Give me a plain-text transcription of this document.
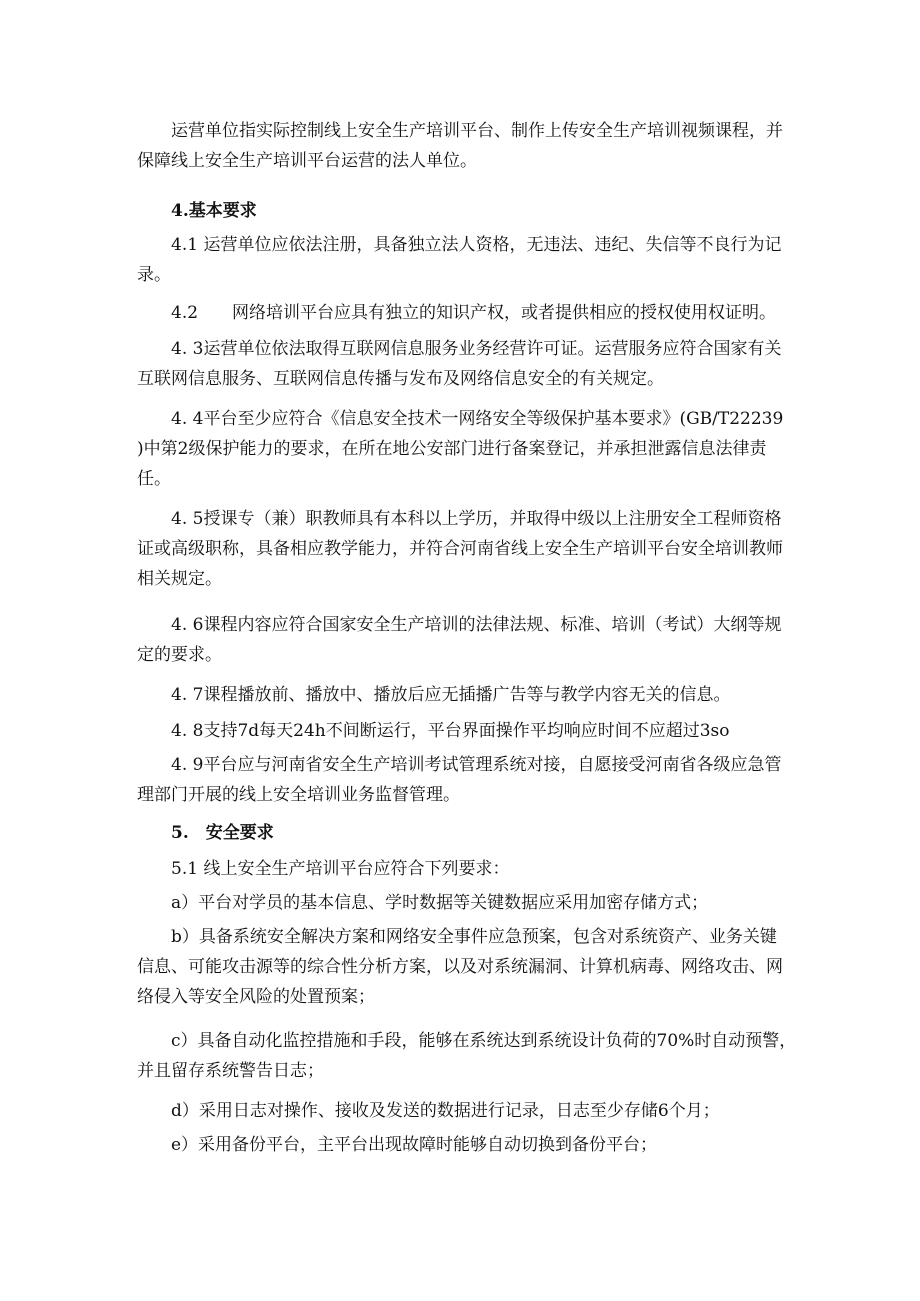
　　运营单位指实际控制线上安全生产培训平台、制作上传安全生产培训视频课程，并
保障线上安全生产培训平台运营的法人单位。

　　4.基本要求

　　4.1 运营单位应依法注册，具备独立法人资格，无违法、违纪、失信等不良行为记
录。

　　4.2　　网络培训平台应具有独立的知识产权，或者提供相应的授权使用权证明。

　　4. 3运营单位依法取得互联网信息服务业务经营许可证。运营服务应符合国家有关
互联网信息服务、互联网信息传播与发布及网络信息安全的有关规定。

　　4. 4平台至少应符合《信息安全技术一网络安全等级保护基本要求》(GB/T22239
)中第2级保护能力的要求，在所在地公安部门进行备案登记，并承担泄露信息法律责
任。

　　4. 5授课专（兼）职教师具有本科以上学历，并取得中级以上注册安全工程师资格
证或高级职称，具备相应教学能力，并符合河南省线上安全生产培训平台安全培训教师
相关规定。

　　4. 6课程内容应符合国家安全生产培训的法律法规、标准、培训（考试）大纲等规
定的要求。

　　4. 7课程播放前、播放中、播放后应无插播广告等与教学内容无关的信息。

　　4. 8支持7d每天24h不间断运行，平台界面操作平均响应时间不应超过3so

　　4. 9平台应与河南省安全生产培训考试管理系统对接，自愿接受河南省各级应急管
理部门开展的线上安全培训业务监督管理。

　　5.　安全要求

　　5.1 线上安全生产培训平台应符合下列要求：

　　a）平台对学员的基本信息、学时数据等关键数据应采用加密存储方式；

　　b）具备系统安全解决方案和网络安全事件应急预案，包含对系统资产、业务关键
信息、可能攻击源等的综合性分析方案，以及对系统漏洞、计算机病毒、网络攻击、网
络侵入等安全风险的处置预案；

　　c）具备自动化监控措施和手段，能够在系统达到系统设计负荷的70%时自动预警，
并且留存系统警告日志；

　　d）采用日志对操作、接收及发送的数据进行记录，日志至少存储6个月；

　　e）采用备份平台，主平台出现故障时能够自动切换到备份平台；
